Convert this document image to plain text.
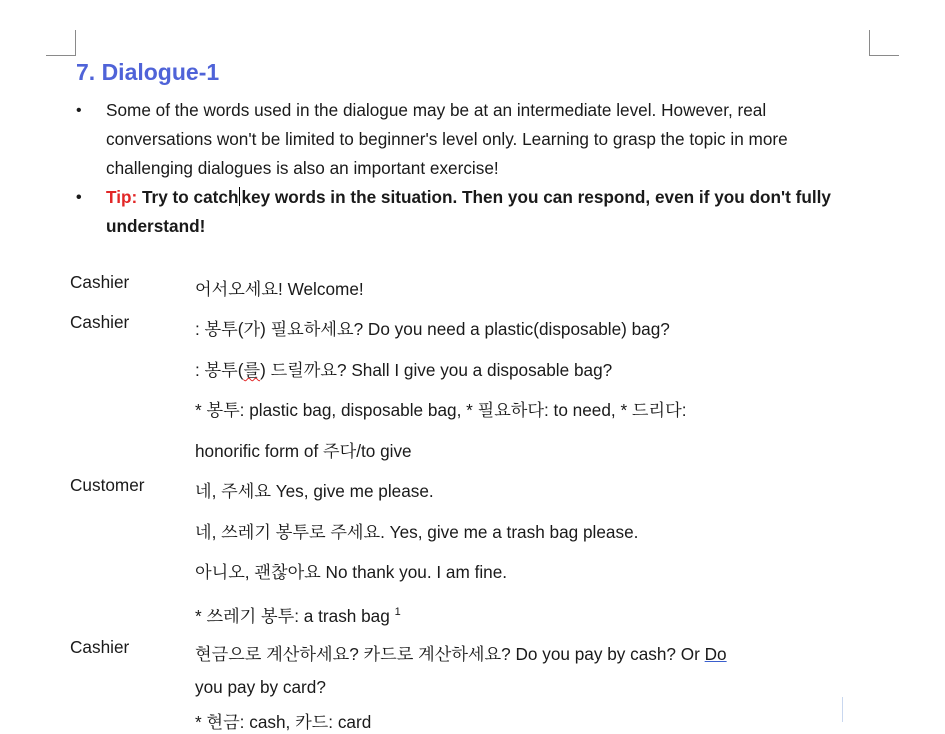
7. Dialogue-1
• Some of the words used in the dialogue may be at an intermediate level. However, real conversations won't be limited to beginner's level only. Learning to grasp the topic in more challenging dialogues is also an important exercise!
• Tip: Try to catch key words in the situation. Then you can respond, even if you don't fully understand!
Cashier	어서오세요! Welcome!
Cashier	: 봉투(가) 필요하세요? Do you need a plastic(disposable) bag?
: 봉투(를) 드릴까요? Shall I give you a disposable bag?
* 봉투: plastic bag, disposable bag, * 필요하다: to need, * 드리다:
honorific form of 주다/to give
Customer	네, 주세요 Yes, give me please.
네, 쓰레기 봉투로 주세요. Yes, give me a trash bag please.
아니오, 괜찮아요 No thank you. I am fine.
* 쓰레기 봉투: a trash bag $^1$
Cashier	현금으로 계산하세요? 카드로 계산하세요? Do you pay by cash? Or Do
you pay by card?
* 현금: cash, 카드: card
